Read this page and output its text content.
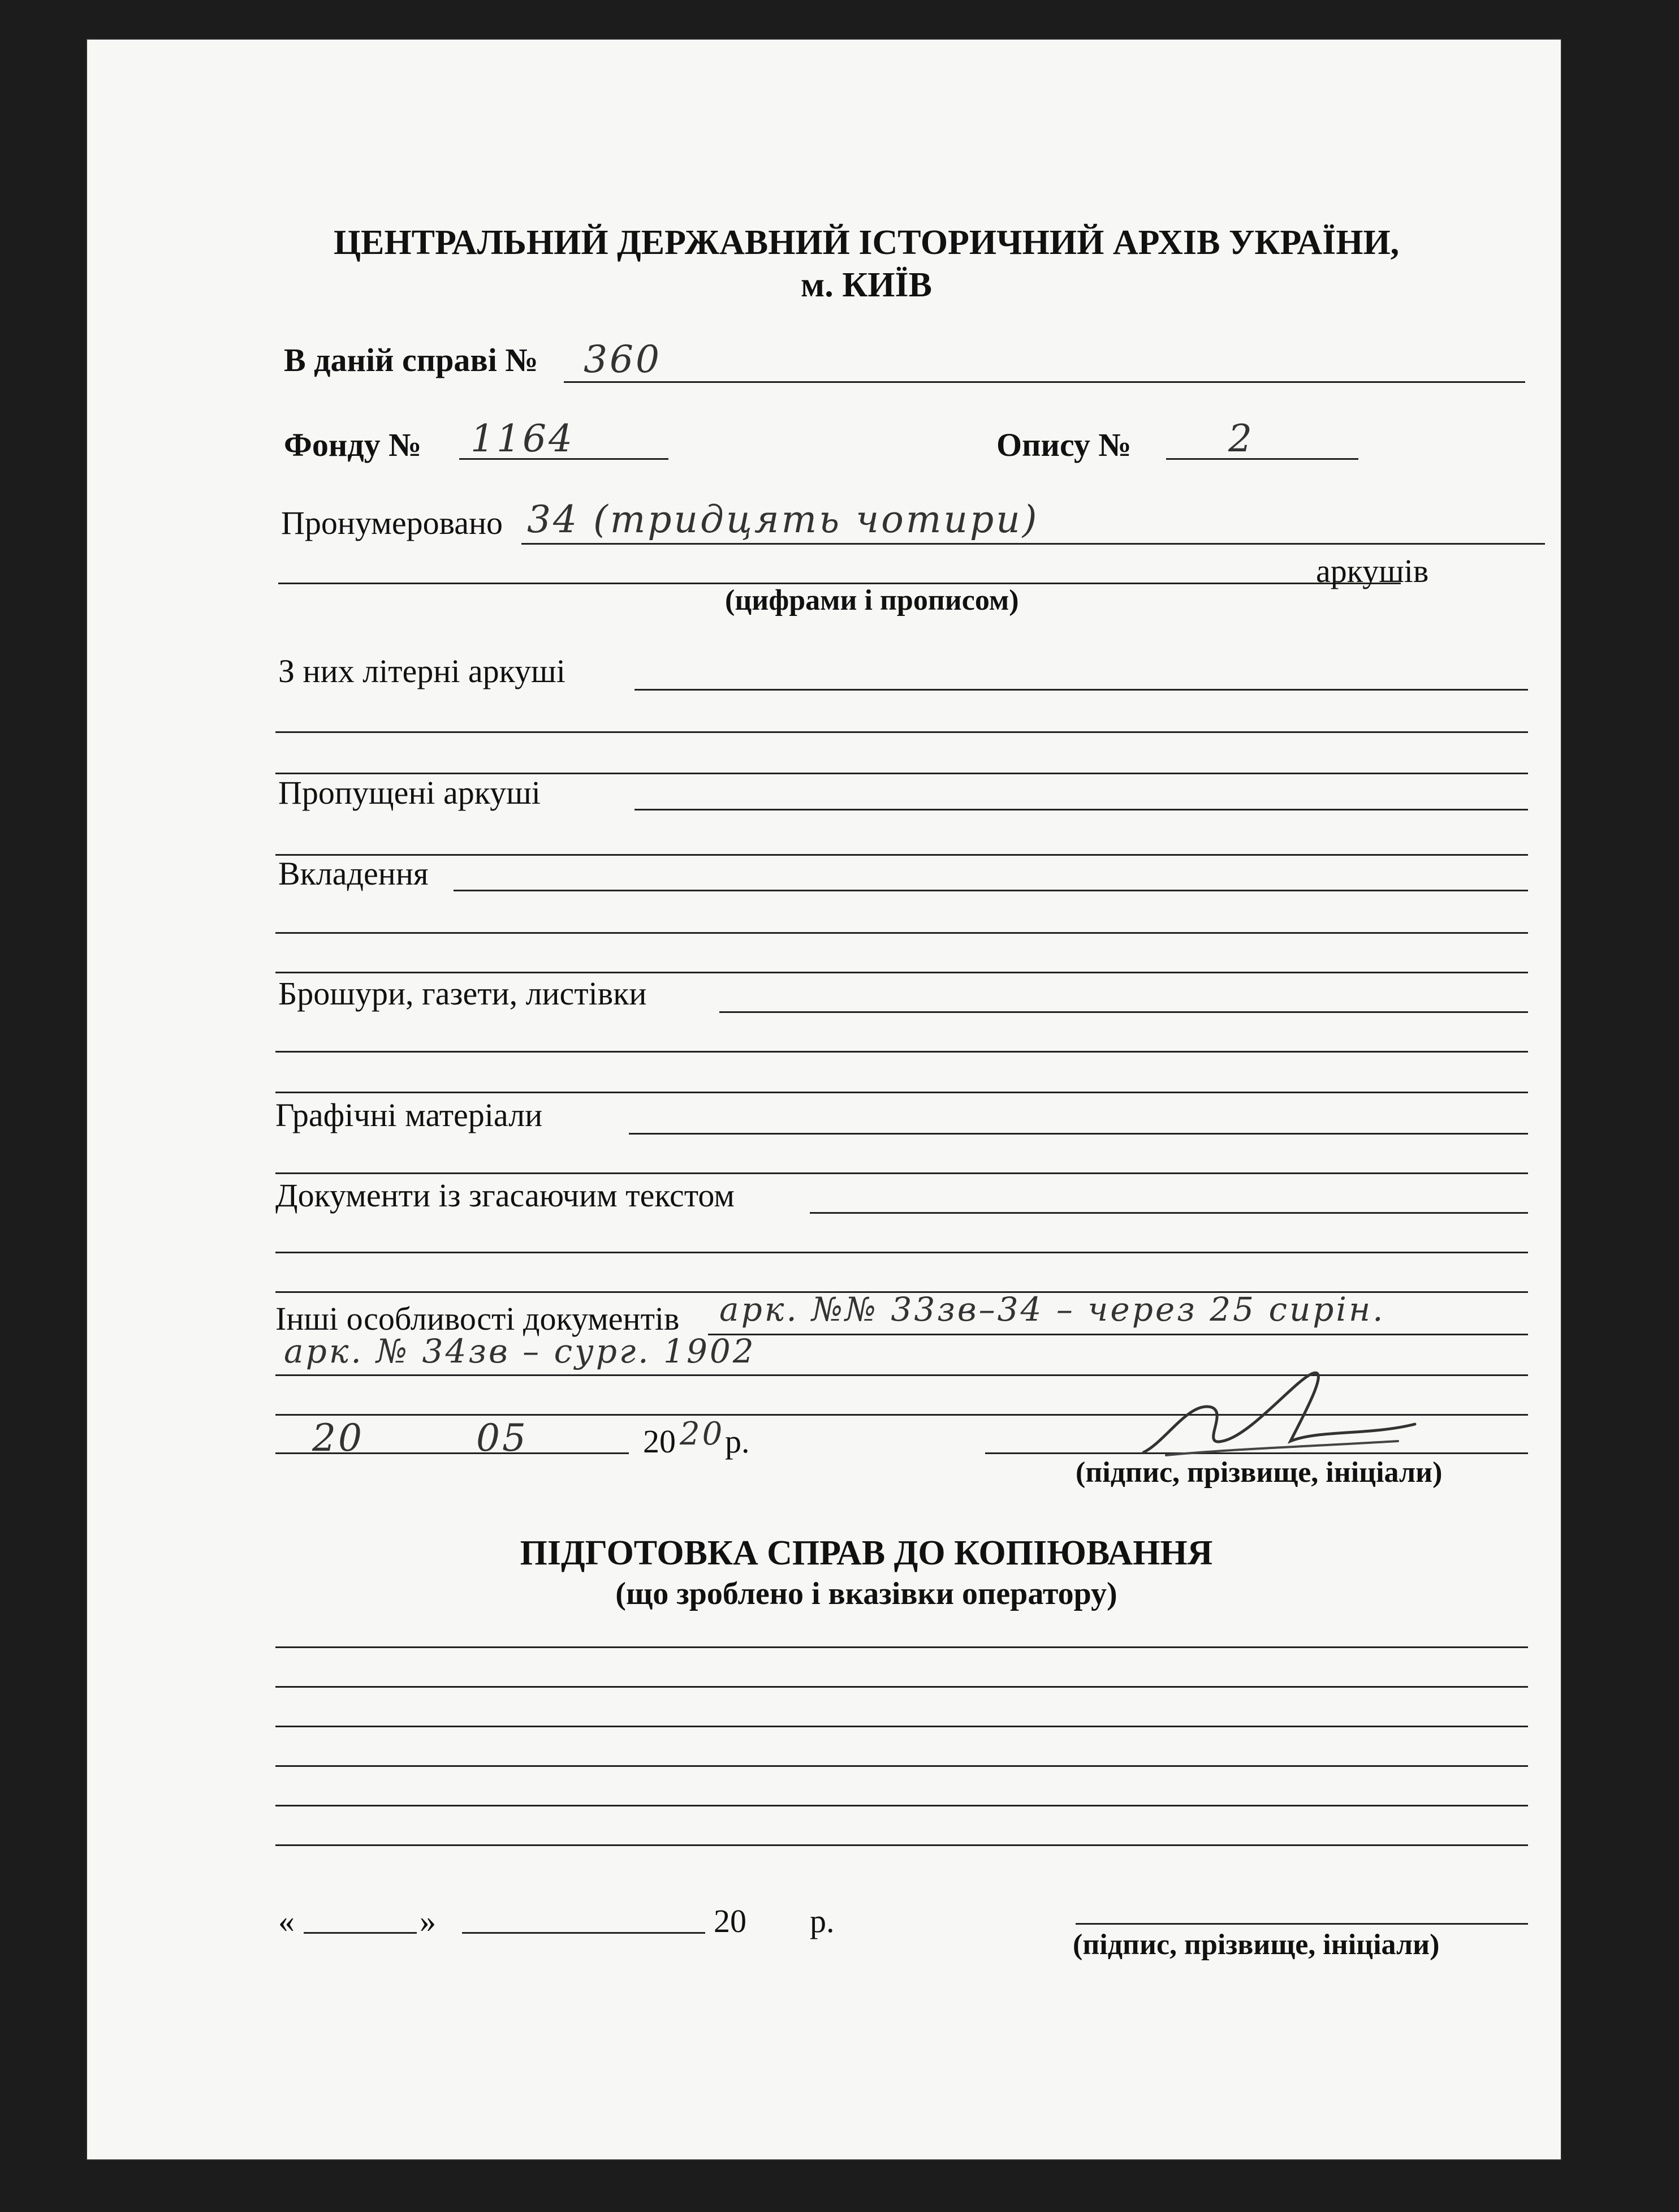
ЦЕНТРАЛЬНИЙ ДЕРЖАВНИЙ ІСТОРИЧНИЙ АРХІВ УКРАЇНИ,
м. КИЇВ
В даній справі № 360
Фонду № 1164	Опису №	2
Пронумеровано 34 (тридцять чотири)
аркушів
(цифрами і прописом)
З них літерні аркуші
Пропущені аркуші
Вкладення
Брошури, газети, листівки
Графічні матеріали
Документи із згасаючим текстом
Інші особливості документів арк. №№ 33зв–34 – через 25 сирін.
арк. № 34зв – сург. 1902
20	05	20 20 р.
(підпис, прізвище, ініціали)
ПІДГОТОВКА СПРАВ ДО КОПІЮВАННЯ
(що зроблено і вказівки оператору)
«	»	20 р.
(підпис, прізвище, ініціали)
